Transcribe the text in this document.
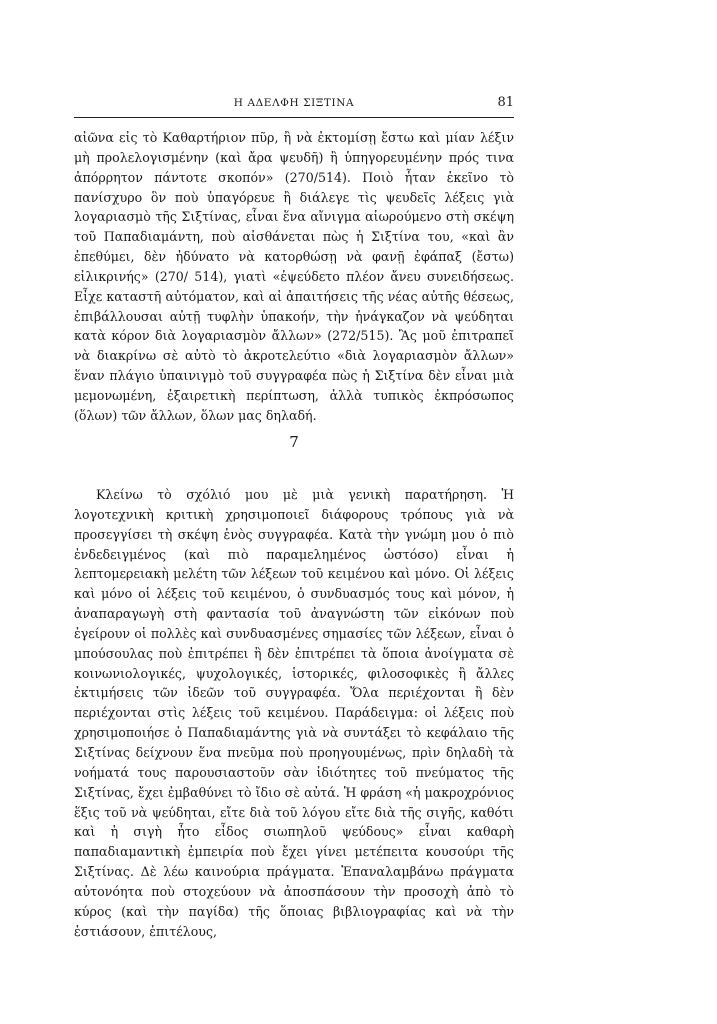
Η ΑΔΕΛΦΗ ΣΙΞΤΙΝΑ	81

αἰῶνα εἰς τὸ Καθαρτήριον πῦρ, ἢ νὰ ἐκτομίσῃ ἔστω καὶ μίαν λέξιν μὴ προλελογισμένην (καὶ ἄρα ψευδῆ) ἢ ὑπηγορευμένην πρός τινα ἀπόρρητον πάντοτε σκοπόν» (270/514). Ποιὸ ἦταν ἐκεῖνο τὸ πανίσχυρο ὃν ποὺ ὑπαγόρευε ἢ διάλεγε τὶς ψευδεῖς λέξεις γιὰ λογαριασμὸ τῆς Σιξτίνας, εἶναι ἕνα αἴνιγμα αἰωρούμενο στὴ σκέψη τοῦ Παπαδιαμάντη, ποὺ αἰσθάνεται πὼς ἡ Σιξτίνα του, «καὶ ἂν ἐπεθύμει, δὲν ἠδύνατο νὰ κατορθώσῃ νὰ φανῇ ἐφάπαξ (ἔστω) εἰλικρινής» (270/ 514), γιατὶ «ἐψεύδετο πλέον ἄνευ συνειδήσεως. Εἶχε καταστῆ αὐτόματον, καὶ αἱ ἀπαιτήσεις τῆς νέας αὐτῆς θέσεως, ἐπιβάλλουσαι αὐτῇ τυφλὴν ὑπακοήν, τὴν ἠνάγκαζον νὰ ψεύδηται κατὰ κόρον διὰ λογαριασμὸν ἄλλων» (272/515). Ἂς μοῦ ἐπιτραπεῖ νὰ διακρίνω σὲ αὐτὸ τὸ ἀκροτελεύτιο «διὰ λογαριασμὸν ἄλλων» ἕναν πλάγιο ὑπαινιγμὸ τοῦ συγγραφέα πὼς ἡ Σιξτίνα δὲν εἶναι μιὰ μεμονωμένη, ἐξαιρετικὴ περίπτωση, ἀλλὰ τυπικὸς ἐκπρόσωπος (ὅλων) τῶν ἄλλων, ὅλων μας δηλαδή.

7

Κλείνω τὸ σχόλιό μου μὲ μιὰ γενικὴ παρατήρηση. Ἡ λογοτεχνικὴ κριτικὴ χρησιμοποιεῖ διάφορους τρόπους γιὰ νὰ προσεγγίσει τὴ σκέψη ἑνὸς συγγραφέα. Κατὰ τὴν γνώμη μου ὁ πιὸ ἐνδεδειγμένος (καὶ πιὸ παραμελημένος ὡστόσο) εἶναι ἡ λεπτομερειακὴ μελέτη τῶν λέξεων τοῦ κειμένου καὶ μόνο. Οἱ λέξεις καὶ μόνο οἱ λέξεις τοῦ κειμένου, ὁ συνδυασμός τους καὶ μόνον, ἡ ἀναπαραγωγὴ στὴ φαντασία τοῦ ἀναγνώστη τῶν εἰκόνων ποὺ ἐγείρουν οἱ πολλὲς καὶ συνδυασμένες σημασίες τῶν λέξεων, εἶναι ὁ μπούσουλας ποὺ ἐπιτρέπει ἢ δὲν ἐπιτρέπει τὰ ὅποια ἀνοίγματα σὲ κοινωνιολογικές, ψυχολογικές, ἱστορικές, φιλοσοφικὲς ἢ ἄλλες ἐκτιμήσεις τῶν ἰδεῶν τοῦ συγγραφέα. Ὅλα περιέχονται ἢ δὲν περιέχονται στὶς λέξεις τοῦ κειμένου. Παράδειγμα: οἱ λέξεις ποὺ χρησιμοποιήσε ὁ Παπαδιαμάντης γιὰ νὰ συντάξει τὸ κεφάλαιο τῆς Σιξτίνας δείχνουν ἕνα πνεῦμα ποὺ προηγουμένως, πρὶν δηλαδὴ τὰ νοήματά τους παρουσιαστοῦν σὰν ἰδιότητες τοῦ πνεύματος τῆς Σιξτίνας, ἔχει ἐμβαθύνει τὸ ἴδιο σὲ αὐτά. Ἡ φράση «ἡ μακροχρόνιος ἕξις τοῦ νὰ ψεύδηται, εἴτε διὰ τοῦ λόγου εἴτε διὰ τῆς σιγῆς, καθότι καὶ ἡ σιγὴ ἦτο εἶδος σιωπηλοῦ ψεύδους» εἶναι καθαρὴ παπαδιαμαντικὴ ἐμπειρία ποὺ ἔχει γίνει μετέπειτα κουσούρι τῆς Σιξτίνας. Δὲ λέω καινούρια πράγματα. Ἐπαναλαμβάνω πράγματα αὐτονόητα ποὺ στοχεύουν νὰ ἀποσπάσουν τὴν προσοχὴ ἀπὸ τὸ κύρος (καὶ τὴν παγίδα) τῆς ὅποιας βιβλιογραφίας καὶ νὰ τὴν ἑστιάσουν, ἐπιτέλους,
